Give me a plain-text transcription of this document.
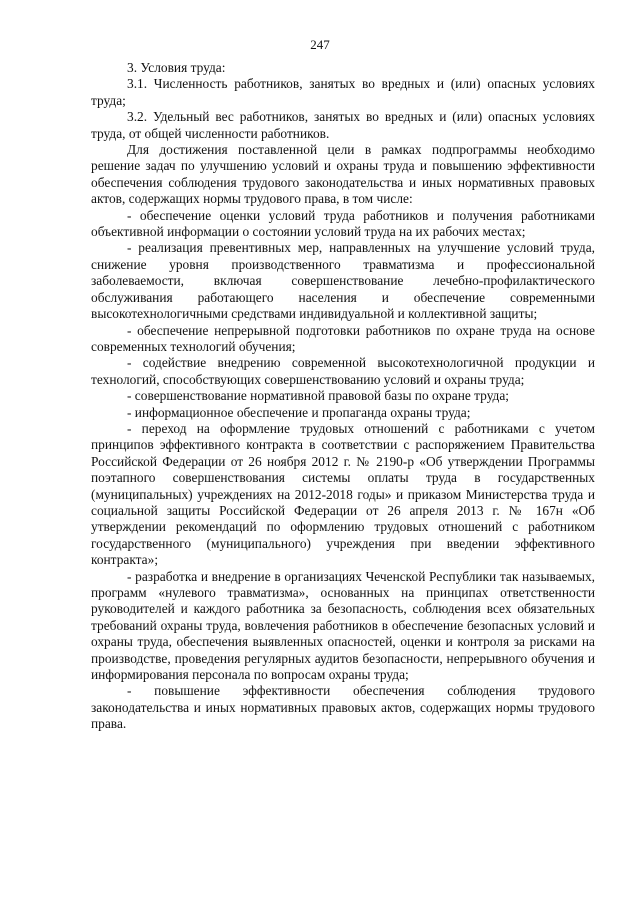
247

3. Условия труда:

3.1. Численность работников, занятых во вредных и (или) опасных условиях труда;

3.2. Удельный вес работников, занятых во вредных и (или) опасных условиях труда, от общей численности работников.

Для достижения поставленной цели в рамках подпрограммы необходимо решение задач по улучшению условий и охраны труда и повышению эффективности обеспечения соблюдения трудового законодательства и иных нормативных правовых актов, содержащих нормы трудового права, в том числе:

- обеспечение оценки условий труда работников и получения работниками объективной информации о состоянии условий труда на их рабочих местах;

- реализация превентивных мер, направленных на улучшение условий труда, снижение уровня производственного травматизма и профессиональной заболеваемости, включая совершенствование лечебно-профилактического обслуживания работающего населения и обеспечение современными высокотехнологичными средствами индивидуальной и коллективной защиты;

- обеспечение непрерывной подготовки работников по охране труда на основе современных технологий обучения;

- содействие внедрению современной высокотехнологичной продукции и технологий, способствующих совершенствованию условий и охраны труда;

- совершенствование нормативной правовой базы по охране труда;

- информационное обеспечение и пропаганда охраны труда;

- переход на оформление трудовых отношений с работниками с учетом принципов эффективного контракта в соответствии с распоряжением Правительства Российской Федерации от 26 ноября 2012 г. № 2190-р «Об утверждении Программы поэтапного совершенствования системы оплаты труда в государственных (муниципальных) учреждениях на 2012-2018 годы» и приказом Министерства труда и социальной защиты Российской Федерации от 26 апреля 2013 г. № 167н «Об утверждении рекомендаций по оформлению трудовых отношений с работником государственного (муниципального) учреждения при введении эффективного контракта»;

- разработка и внедрение в организациях Чеченской Республики так называемых, программ «нулевого травматизма», основанных на принципах ответственности руководителей и каждого работника за безопасность, соблюдения всех обязательных требований охраны труда, вовлечения работников в обеспечение безопасных условий и охраны труда, обеспечения выявленных опасностей, оценки и контроля за рисками на производстве, проведения регулярных аудитов безопасности, непрерывного обучения и информирования персонала по вопросам охраны труда;

- повышение эффективности обеспечения соблюдения трудового законодательства и иных нормативных правовых актов, содержащих нормы трудового права.
